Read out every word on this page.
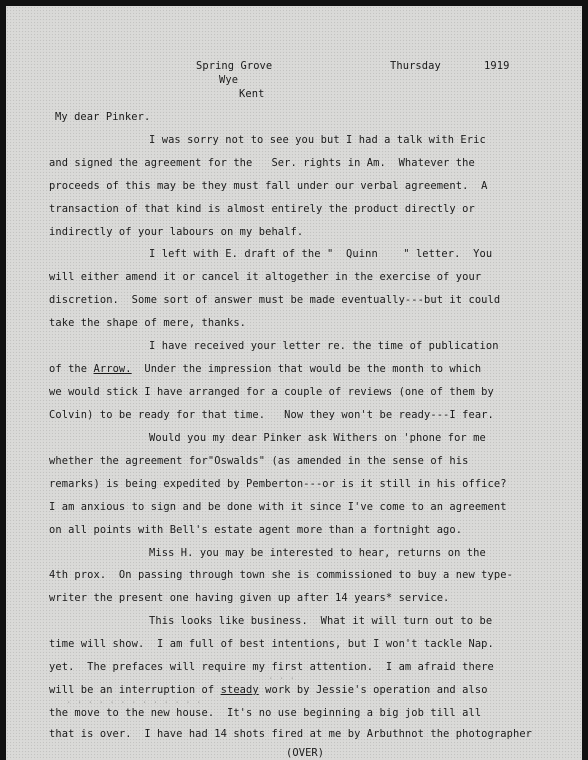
Spring Grove	Thursday	1919
Wye
Kent
My dear Pinker.
I was sorry not to see you but I had a talk with Eric
and signed the agreement for the   Ser. rights in Am.  Whatever the
proceeds of this may be they must fall under our verbal agreement.  A
transaction of that kind is almost entirely the product directly or
indirectly of your labours on my behalf.
I left with E. draft of the "  Quinn    " letter.  You
will either amend it or cancel it altogether in the exercise of your
discretion.  Some sort of answer must be made eventually---but it could
take the shape of mere, thanks.
I have received your letter re. the time of publication
of the Arrow.  Under the impression that would be the month to which
we would stick I have arranged for a couple of reviews (one of them by
Colvin) to be ready for that time.   Now they won't be ready---I fear.
Would you my dear Pinker ask Withers on 'phone for me
whether the agreement for"Oswalds" (as amended in the sense of his
remarks) is being expedited by Pemberton---or is it still in his office?
I am anxious to sign and be done with it since I've come to an agreement
on all points with Bell's estate agent more than a fortnight ago.
Miss H. you may be interested to hear, returns on the
4th prox.  On passing through town she is commissioned to buy a new type-
writer the present one having given up after 14 years* service.
This looks like business.  What it will turn out to be
time will show.  I am full of best intentions, but I won't tackle Nap.
yet.  The prefaces will require my first attention.  I am afraid there
will be an interruption of steady work by Jessie's operation and also
the move to the new house.  It's no use beginning a big job till all
that is over.  I have had 14 shots fired at me by Arbuthnot the photographer
(OVER)
· · ·
· · · · · · · · · · · · ·
